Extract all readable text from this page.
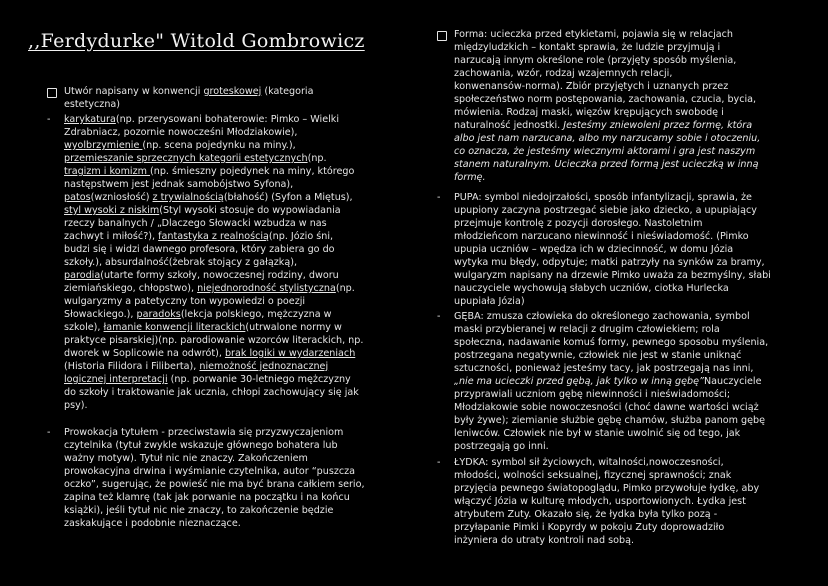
,,Ferdydurke" Witold Gombrowicz
Utwór napisany w konwencji groteskowej (kategoria
estetyczna)
- karykatura(np. przerysowani bohaterowie: Pimko – Wielki
Zdrabniacz, pozornie nowocześni Młodziakowie),
wyolbrzymienie (np. scena pojedynku na miny.),
przemieszanie sprzecznych kategorii estetycznych(np.
tragizm i komizm (np. śmieszny pojedynek na miny, którego
następstwem jest jednak samobójstwo Syfona),
patos(wzniosłość) z trywialnością(błahość) (Syfon a Miętus),
styl wysoki z niskim(Styl wysoki stosuje do wypowiadania
rzeczy banalnych / „Dlaczego Słowacki wzbudza w nas
zachwyt i miłość?), fantastyka z realnością(np. Józio śni,
budzi się i widzi dawnego profesora, który zabiera go do
szkoły.), absurdalność(żebrak stojący z gałązką),
parodia(utarte formy szkoły, nowoczesnej rodziny, dworu
ziemiańskiego, chłopstwo), niejednorodność stylistyczna(np.
wulgaryzmy a patetyczny ton wypowiedzi o poezji
Słowackiego.), paradoks(lekcja polskiego, mężczyzna w
szkole), łamanie konwencji literackich(utrwalone normy w
praktyce pisarskiej)(np. parodiowanie wzorców literackich, np.
dworek w Soplicowie na odwrót), brak logiki w wydarzeniach
(Historia Filidora i Filiberta), niemożność jednoznacznej
logicznej interpretacji (np. porwanie 30-letniego mężczyzny
do szkoły i traktowanie jak ucznia, chłopi zachowujący się jak
psy).
- Prowokacja tytułem - przeciwstawia się przyzwyczajeniom
czytelnika (tytuł zwykle wskazuje głównego bohatera lub
ważny motyw). Tytuł nic nie znaczy. Zakończeniem
prowokacyjna drwina i wyśmianie czytelnika, autor “puszcza
oczko”, sugerując, że powieść nie ma być brana całkiem serio,
zapina też klamrę (tak jak porwanie na początku i na końcu
książki), jeśli tytuł nic nie znaczy, to zakończenie będzie
zaskakujące i podobnie nieznaczące.
Forma: ucieczka przed etykietami, pojawia się w relacjach
międzyludzkich – kontakt sprawia, że ludzie przyjmują i
narzucają innym określone role (przyjęty sposób myślenia,
zachowania, wzór, rodzaj wzajemnych relacji,
konwenansów-norma). Zbiór przyjętych i uznanych przez
społeczeństwo norm postępowania, zachowania, czucia, bycia,
mówienia. Rodzaj maski, więzów krępujących swobodę i
naturalność jednostki. Jesteśmy zniewoleni przez formę, która
albo jest nam narzucana, albo my narzucamy sobie i otoczeniu,
co oznacza, że jesteśmy wiecznymi aktorami i gra jest naszym
stanem naturalnym. Ucieczka przed formą jest ucieczką w inną
formę.
- PUPA: symbol niedojrzałości, sposób infantylizacji, sprawia, że
upupiony zaczyna postrzegać siebie jako dziecko, a upupiający
przejmuje kontrolę z pozycji dorosłego. Nastoletnim
młodzieńcom narzucano niewinność i nieświadomość. (Pimko
upupia uczniów – wpędza ich w dziecinność, w domu Józia
wytyka mu błędy, odpytuje; matki patrzyły na synków za bramy,
wulgaryzm napisany na drzewie Pimko uważa za bezmyślny, słabi
nauczyciele wychowują słabych uczniów, ciotka Hurlecka
upupiała Józia)
- GĘBA: zmusza człowieka do określonego zachowania, symbol
maski przybieranej w relacji z drugim człowiekiem; rola
społeczna, nadawanie komuś formy, pewnego sposobu myślenia,
postrzegana negatywnie, człowiek nie jest w stanie uniknąć
sztuczności, ponieważ jesteśmy tacy, jak postrzegają nas inni,
„nie ma ucieczki przed gębą, jak tylko w inną gębę”Nauczyciele
przyprawiali uczniom gębę niewinności i nieświadomości;
Młodziakowie sobie nowoczesności (choć dawne wartości wciąż
były żywe); ziemianie służbie gębę chamów, służba panom gębę
leniwców. Człowiek nie był w stanie uwolnić się od tego, jak
postrzegają go inni.
- ŁYDKA: symbol sił życiowych, witalności,nowoczesności,
młodości, wolności seksualnej, fizycznej sprawności; znak
przyjęcia pewnego światopoglądu, Pimko przywołuje łydkę, aby
włączyć Józia w kulturę młodych, usportowionych. Łydka jest
atrybutem Zuty. Okazało się, że łydka była tylko pozą -
przyłapanie Pimki i Kopyrdy w pokoju Zuty doprowadziło
inżyniera do utraty kontroli nad sobą.
